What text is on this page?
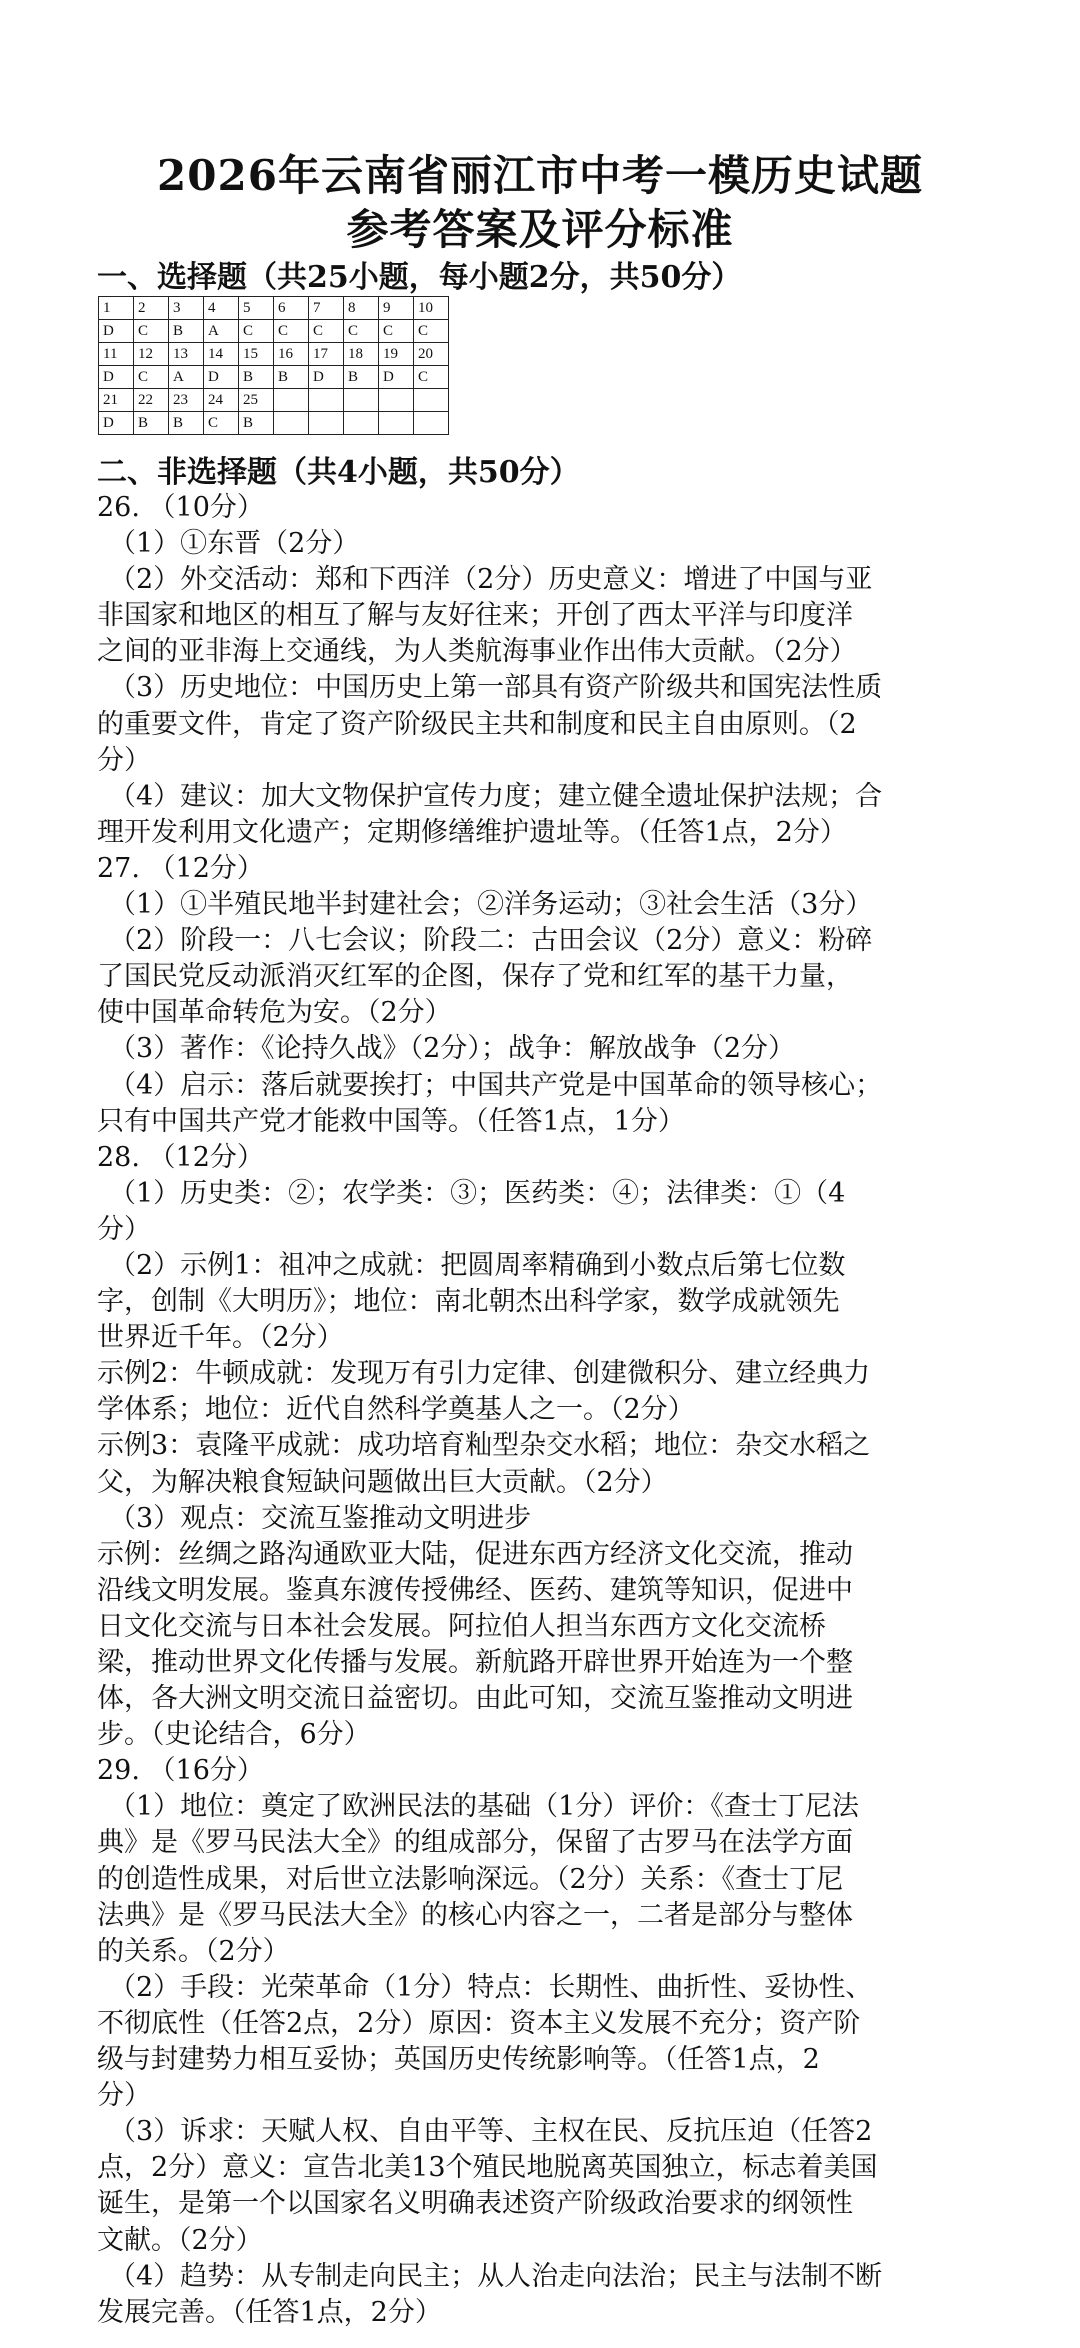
2026年云南省丽江市中考一模历史试题
参考答案及评分标准
一、选择题（共25小题，每小题2分，共50分）
1	2	3	4	5	6	7	8	9	10
D	C	B	A	C	C	C	C	C	C
11	12	13	14	15	16	17	18	19	20
D	C	A	D	B	B	D	B	D	C
21	22	23	24	25					
D	B	B	C	B					
二、非选择题（共4小题，共50分）
26. （10分）
（1）①东晋（2分）
（2）外交活动：郑和下西洋（2分）历史意义：增进了中国与亚
非国家和地区的相互了解与友好往来；开创了西太平洋与印度洋
之间的亚非海上交通线，为人类航海事业作出伟大贡献。（2分）
（3）历史地位：中国历史上第一部具有资产阶级共和国宪法性质
的重要文件，肯定了资产阶级民主共和制度和民主自由原则。（2
分）
（4）建议：加大文物保护宣传力度；建立健全遗址保护法规；合
理开发利用文化遗产；定期修缮维护遗址等。（任答1点，2分）
27. （12分）
（1）①半殖民地半封建社会；②洋务运动；③社会生活（3分）
（2）阶段一：八七会议；阶段二：古田会议（2分）意义：粉碎
了国民党反动派消灭红军的企图，保存了党和红军的基干力量，
使中国革命转危为安。（2分）
（3）著作：《论持久战》（2分）；战争：解放战争（2分）
（4）启示：落后就要挨打；中国共产党是中国革命的领导核心；
只有中国共产党才能救中国等。（任答1点，1分）
28. （12分）
（1）历史类：②；农学类：③；医药类：④；法律类：①（4
分）
（2）示例1：祖冲之成就：把圆周率精确到小数点后第七位数
字，创制《大明历》；地位：南北朝杰出科学家，数学成就领先
世界近千年。（2分）
示例2：牛顿成就：发现万有引力定律、创建微积分、建立经典力
学体系；地位：近代自然科学奠基人之一。（2分）
示例3：袁隆平成就：成功培育籼型杂交水稻；地位：杂交水稻之
父，为解决粮食短缺问题做出巨大贡献。（2分）
（3）观点：交流互鉴推动文明进步
示例：丝绸之路沟通欧亚大陆，促进东西方经济文化交流，推动
沿线文明发展。鉴真东渡传授佛经、医药、建筑等知识，促进中
日文化交流与日本社会发展。阿拉伯人担当东西方文化交流桥
梁，推动世界文化传播与发展。新航路开辟世界开始连为一个整
体，各大洲文明交流日益密切。由此可知，交流互鉴推动文明进
步。（史论结合，6分）
29. （16分）
（1）地位：奠定了欧洲民法的基础（1分）评价：《查士丁尼法
典》是《罗马民法大全》的组成部分，保留了古罗马在法学方面
的创造性成果，对后世立法影响深远。（2分）关系：《查士丁尼
法典》是《罗马民法大全》的核心内容之一，二者是部分与整体
的关系。（2分）
（2）手段：光荣革命（1分）特点：长期性、曲折性、妥协性、
不彻底性（任答2点，2分）原因：资本主义发展不充分；资产阶
级与封建势力相互妥协；英国历史传统影响等。（任答1点，2
分）
（3）诉求：天赋人权、自由平等、主权在民、反抗压迫（任答2
点，2分）意义：宣告北美13个殖民地脱离英国独立，标志着美国
诞生，是第一个以国家名义明确表述资产阶级政治要求的纲领性
文献。（2分）
（4）趋势：从专制走向民主；从人治走向法治；民主与法制不断
发展完善。（任答1点，2分）
